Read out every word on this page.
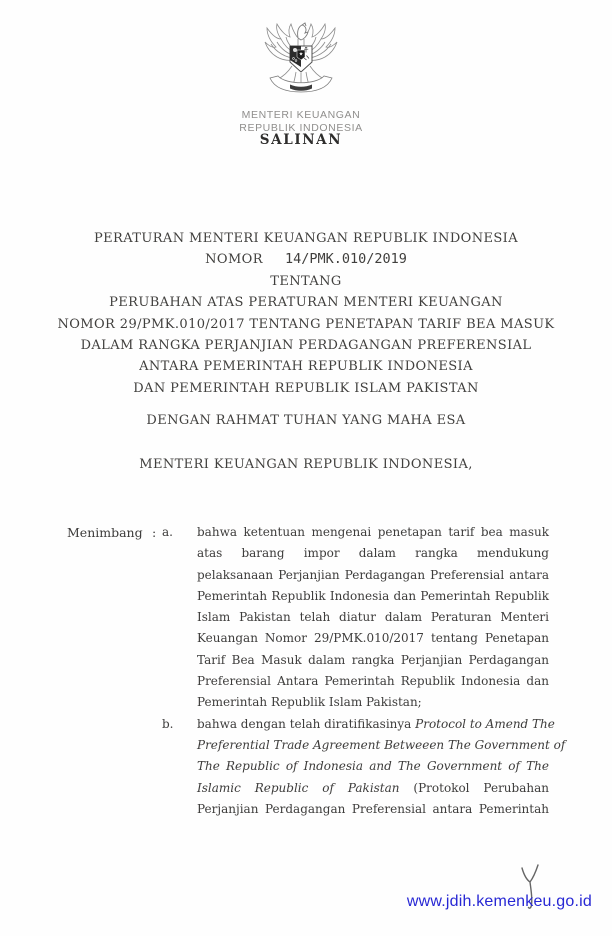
★
MENTERI KEUANGAN
REPUBLIK INDONESIA
SALINAN
PERATURAN MENTERI KEUANGAN REPUBLIK INDONESIA
NOMOR 14/PMK.010/2019
TENTANG
PERUBAHAN ATAS PERATURAN MENTERI KEUANGAN
NOMOR 29/PMK.010/2017 TENTANG PENETAPAN TARIF BEA MASUK
DALAM RANGKA PERJANJIAN PERDAGANGAN PREFERENSIAL
ANTARA PEMERINTAH REPUBLIK INDONESIA
DAN PEMERINTAH REPUBLIK ISLAM PAKISTAN
DENGAN RAHMAT TUHAN YANG MAHA ESA
MENTERI KEUANGAN REPUBLIK INDONESIA,
Menimbang : a.	bahwa ketentuan mengenai penetapan tarif bea masuk
atas barang impor dalam rangka mendukung
pelaksanaan Perjanjian Perdagangan Preferensial antara
Pemerintah Republik Indonesia dan Pemerintah Republik
Islam Pakistan telah diatur dalam Peraturan Menteri
Keuangan Nomor 29/PMK.010/2017 tentang Penetapan
Tarif Bea Masuk dalam rangka Perjanjian Perdagangan
Preferensial Antara Pemerintah Republik Indonesia dan
Pemerintah Republik Islam Pakistan;
b.	bahwa dengan telah diratifikasinya Protocol to Amend The
Preferential Trade Agreement Betweeen The Government of
The Republic of Indonesia and The Government of The
Islamic Republic of Pakistan (Protokol Perubahan
Perjanjian Perdagangan Preferensial antara Pemerintah
www.jdih.kemenkeu.go.id
